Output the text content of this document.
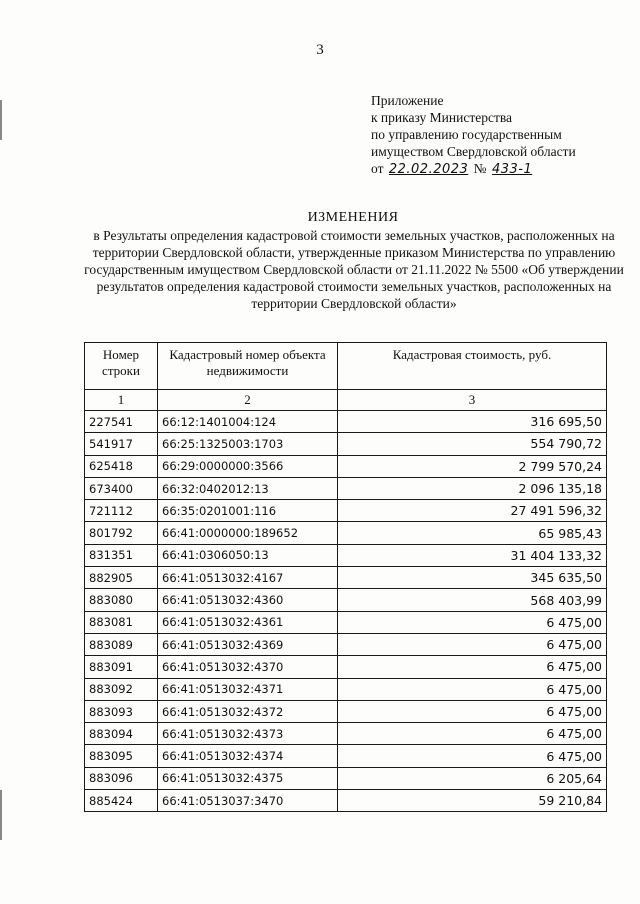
3
Приложение
к приказу Министерства
по управлению государственным
имуществом Свердловской области
от 22.02.2023 № 433-1
ИЗМЕНЕНИЯ
в Результаты определения кадастровой стоимости земельных участков, расположенных на территории Свердловской области, утвержденные приказом Министерства по управлению государственным имуществом Свердловской области от 21.11.2022 № 5500 «Об утверждении результатов определения кадастровой стоимости земельных участков, расположенных на территории Свердловской области»
Номер строки	Кадастровый номер объекта недвижимости	Кадастровая стоимость, руб.
1	2	3
227541	66:12:1401004:124	316 695,50
541917	66:25:1325003:1703	554 790,72
625418	66:29:0000000:3566	2 799 570,24
673400	66:32:0402012:13	2 096 135,18
721112	66:35:0201001:116	27 491 596,32
801792	66:41:0000000:189652	65 985,43
831351	66:41:0306050:13	31 404 133,32
882905	66:41:0513032:4167	345 635,50
883080	66:41:0513032:4360	568 403,99
883081	66:41:0513032:4361	6 475,00
883089	66:41:0513032:4369	6 475,00
883091	66:41:0513032:4370	6 475,00
883092	66:41:0513032:4371	6 475,00
883093	66:41:0513032:4372	6 475,00
883094	66:41:0513032:4373	6 475,00
883095	66:41:0513032:4374	6 475,00
883096	66:41:0513032:4375	6 205,64
885424	66:41:0513037:3470	59 210,84
